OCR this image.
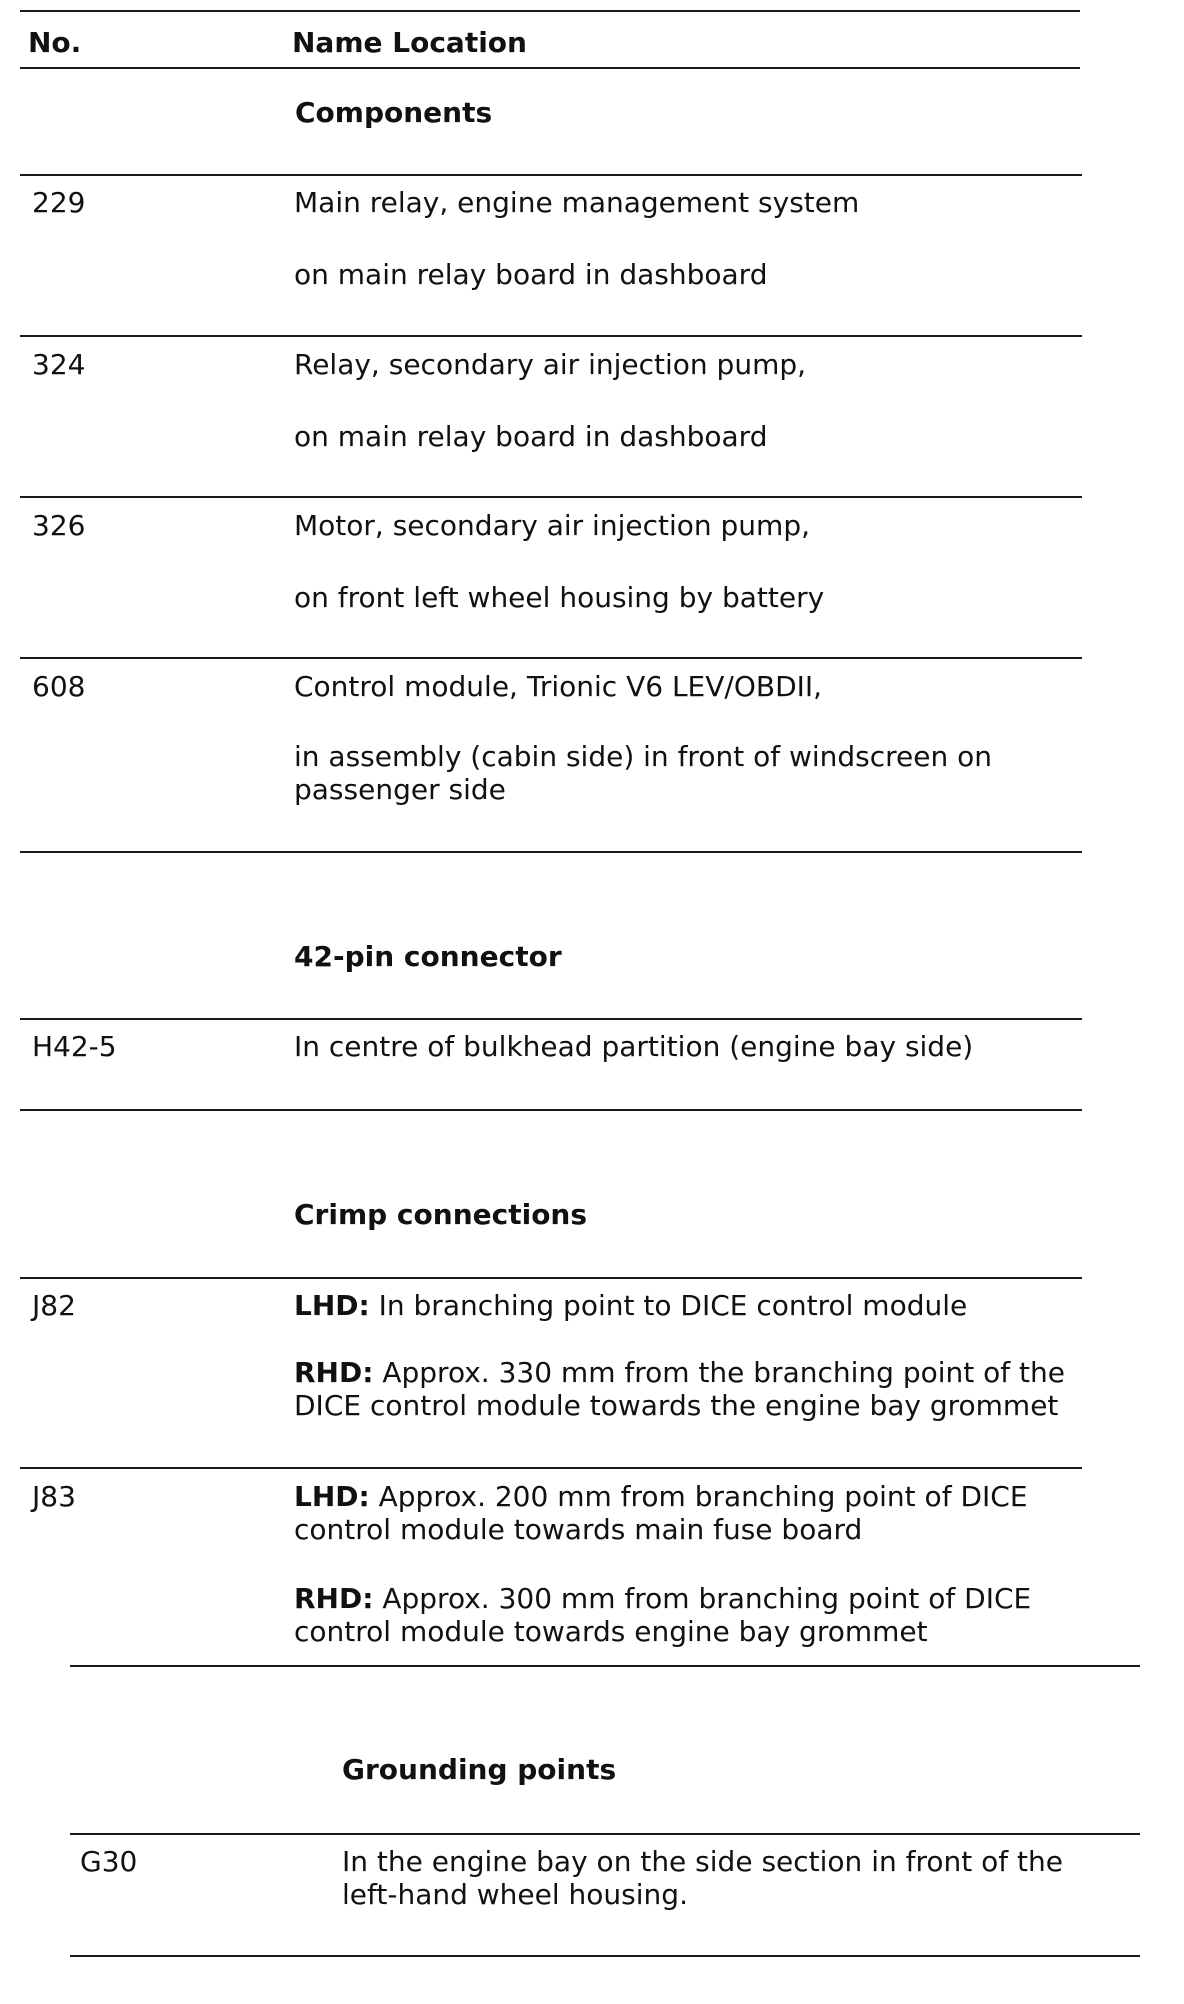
No.	Name Location
Components
229	Main relay, engine management system
on main relay board in dashboard
324	Relay, secondary air injection pump,
on main relay board in dashboard
326	Motor, secondary air injection pump,
on front left wheel housing by battery
608	Control module, Trionic V6 LEV/OBDII,
in assembly (cabin side) in front of windscreen on passenger side
42-pin connector
H42-5	In centre of bulkhead partition (engine bay side)
Crimp connections
J82	LHD: In branching point to DICE control module
RHD: Approx. 330 mm from the branching point of the DICE control module towards the engine bay grommet
J83	LHD: Approx. 200 mm from branching point of DICE control module towards main fuse board
RHD: Approx. 300 mm from branching point of DICE control module towards engine bay grommet
Grounding points
G30	In the engine bay on the side section in front of the left-hand wheel housing.
